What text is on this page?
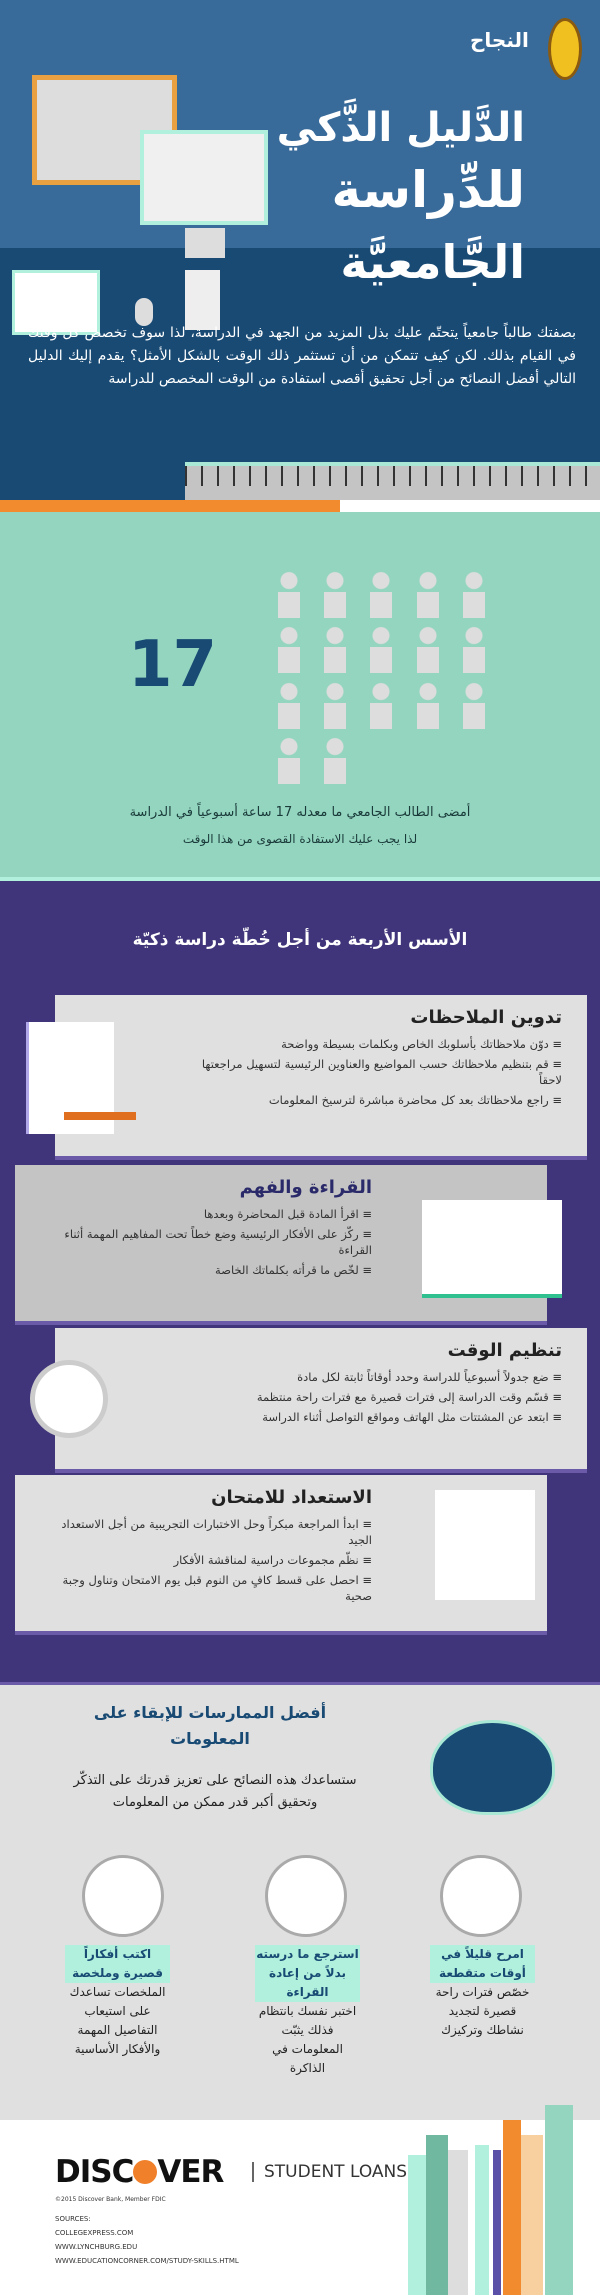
النجاح
الدَّليل الذَّكي
للدِّراسة
الجَّامعيَّة
بصفتك طالباً جامعياً يتحتّم عليك بذل المزيد من الجهد في الدراسة، لذا سوف تخصص كل وقتك في القيام بذلك. لكن كيف تتمكن من أن تستثمر ذلك الوقت بالشكل الأمثل؟ يقدم إليك الدليل التالي أفضل النصائح من أجل تحقيق أقصى استفادة من الوقت المخصص للدراسة
17
أمضى الطالب الجامعي ما معدله 17 ساعة أسبوعياً في الدراسة
لذا يجب عليك الاستفادة القصوى من هذا الوقت
الأسس الأربعة من أجل خُطّة دراسة ذكيّة
تدوين الملاحظات
≡ دوّن ملاحظاتك بأسلوبك الخاص وبكلمات بسيطة وواضحة
≡ قم بتنظيم ملاحظاتك حسب المواضيع والعناوين الرئيسية لتسهيل مراجعتها لاحقاً
≡ راجع ملاحظاتك بعد كل محاضرة مباشرة لترسيخ المعلومات
القراءة والفهم
≡ اقرأ المادة قبل المحاضرة وبعدها
≡ ركّز على الأفكار الرئيسية وضع خطاً تحت المفاهيم المهمة أثناء القراءة
≡ لخّص ما قرأته بكلماتك الخاصة
تنظيم الوقت
≡ ضع جدولاً أسبوعياً للدراسة وحدد أوقاتاً ثابتة لكل مادة
≡ قسّم وقت الدراسة إلى فترات قصيرة مع فترات راحة منتظمة
≡ ابتعد عن المشتتات مثل الهاتف ومواقع التواصل أثناء الدراسة
الاستعداد للامتحان
≡ ابدأ المراجعة مبكراً وحل الاختبارات التجريبية من أجل الاستعداد الجيد
≡ نظّم مجموعات دراسية لمناقشة الأفكار
≡ احصل على قسط كافٍ من النوم قبل يوم الامتحان وتناول وجبة صحية
أفضل الممارسات للإبقاء على المعلومات
ستساعدك هذه النصائح على تعزيز قدرتك على التذكّر وتحقيق أكبر قدر ممكن من المعلومات
امرح قليلاً في أوقات متقطعة
خصّص فترات راحة قصيرة لتجديد نشاطك وتركيزك
استرجع ما درسته بدلاً من إعادة القراءة
اختبر نفسك بانتظام فذلك يثبّت المعلومات في الذاكرة
اكتب أفكاراً قصيرة وملخصة
الملخصات تساعدك على استيعاب التفاصيل المهمة والأفكار الأساسية
DISC VER	STUDENT LOANS
©2015 Discover Bank, Member FDIC
SOURCES:
COLLEGEXPRESS.COM
WWW.LYNCHBURG.EDU
WWW.EDUCATIONCORNER.COM/STUDY-SKILLS.HTML
